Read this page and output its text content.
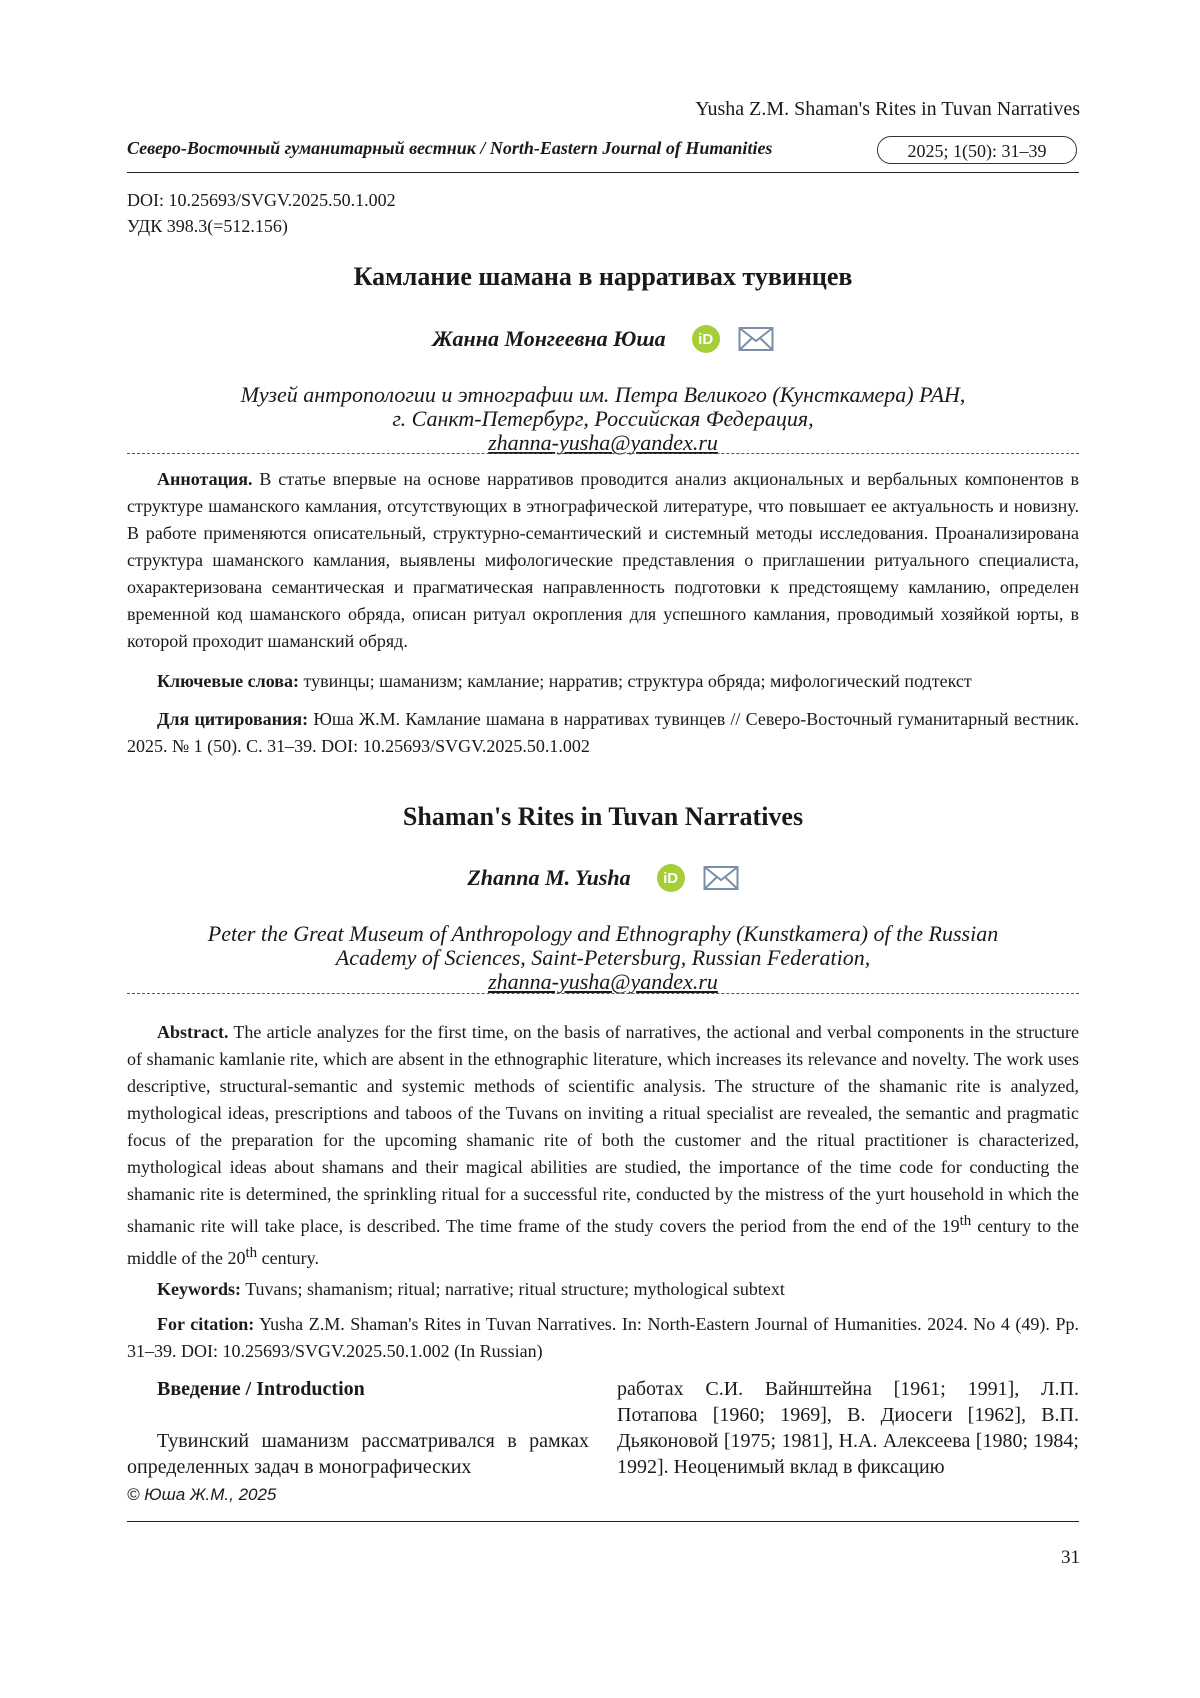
Yusha Z.M. Shaman's Rites in Tuvan Narratives
Северо-Восточный гуманитарный вестник / North-Eastern Journal of Humanities	2025; 1(50): 31–39
DOI: 10.25693/SVGV.2025.50.1.002
УДК 398.3(=512.156)
Камлание шамана в нарративах тувинцев
Жанна Монгеевна Юша	iD
Музей антропологии и этнографии им. Петра Великого (Кунсткамера) РАН,
г. Санкт-Петербург, Российская Федерация,
zhanna-yusha@yandex.ru

Аннотация. В статье впервые на основе нарративов проводится анализ акциональных и вербальных компонентов в структуре шаманского камлания, отсутствующих в этнографической литературе, что повышает ее актуальность и новизну. В работе применяются описательный, структурно-семантический и системный методы исследования. Проанализирована структура шаманского камлания, выявлены мифологические представления о приглашении ритуального специалиста, охарактеризована семантическая и прагматическая направленность подготовки к предстоящему камланию, определен временной код шаманского обряда, описан ритуал окропления для успешного камлания, проводимый хозяйкой юрты, в которой проходит шаманский обряд.

Ключевые слова: тувинцы; шаманизм; камлание; нарратив; структура обряда; мифологический подтекст

Для цитирования: Юша Ж.М. Камлание шамана в нарративах тувинцев // Северо-Восточный гуманитарный вестник. 2025. № 1 (50). С. 31–39. DOI: 10.25693/SVGV.2025.50.1.002

Shaman's Rites in Tuvan Narratives
Zhanna M. Yusha	iD
Peter the Great Museum of Anthropology and Ethnography (Kunstkamera) of the Russian
Academy of Sciences, Saint-Petersburg, Russian Federation,
zhanna-yusha@yandex.ru

Abstract. The article analyzes for the first time, on the basis of narratives, the actional and verbal components in the structure of shamanic kamlanie rite, which are absent in the ethnographic literature, which increases its relevance and novelty. The work uses descriptive, structural-semantic and systemic methods of scientific analysis. The structure of the shamanic rite is analyzed, mythological ideas, prescriptions and taboos of the Tuvans on inviting a ritual specialist are revealed, the semantic and pragmatic focus of the preparation for the upcoming shamanic rite of both the customer and the ritual practitioner is characterized, mythological ideas about shamans and their magical abilities are studied, the importance of the time code for conducting the shamanic rite is determined, the sprinkling ritual for a successful rite, conducted by the mistress of the yurt household in which the shamanic rite will take place, is described. The time frame of the study covers the period from the end of the 19th century to the middle of the 20th century.

Keywords: Tuvans; shamanism; ritual; narrative; ritual structure; mythological subtext

For citation: Yusha Z.M. Shaman's Rites in Tuvan Narratives. In: North-Eastern Journal of Humanities. 2024. No 4 (49). Pp. 31–39. DOI: 10.25693/SVGV.2025.50.1.002 (In Russian)

Введение / Introduction

Тувинский шаманизм рассматривался в рамках определенных задач в монографических

работах С.И. Вайнштейна [1961; 1991], Л.П. Потапова [1960; 1969], В. Диосеги [1962], В.П. Дьяконовой [1975; 1981], Н.А. Алексеева [1980; 1984; 1992]. Неоценимый вклад в фиксацию

© Юша Ж.М., 2025
31
